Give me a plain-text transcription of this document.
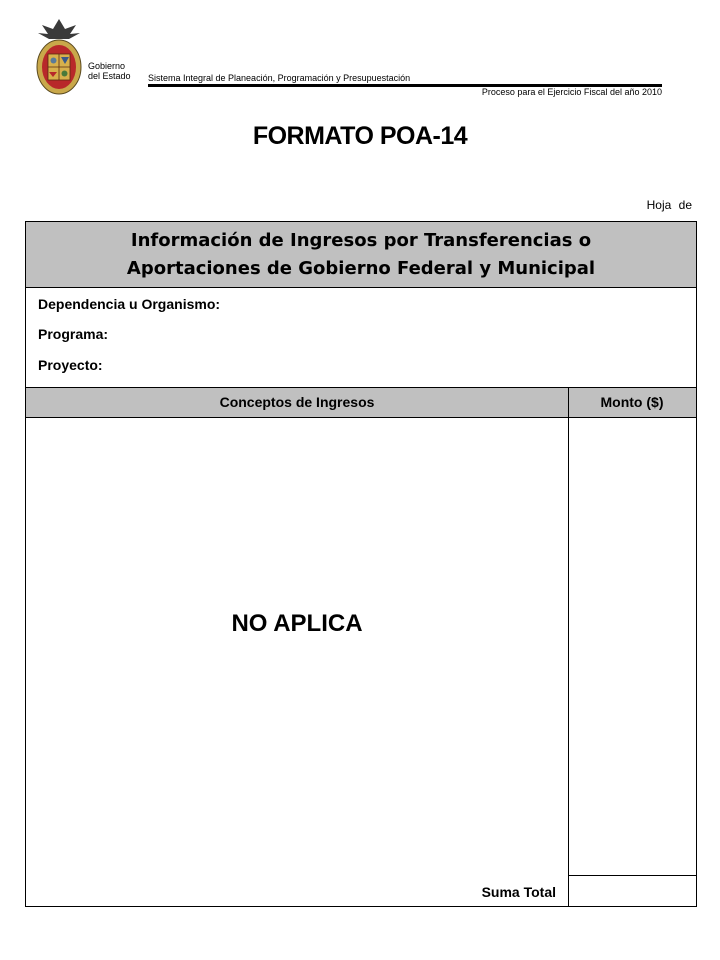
Gobierno
del Estado Sistema Integral de Planeación, Programación y Presupuestación
Proceso para el Ejercicio Fiscal del año 2010
FORMATO POA-14
Hoja de
Información de Ingresos por Transferencias o
Aportaciones de Gobierno Federal y Municipal
Dependencia u Organismo:
Programa:
Proyecto:
Conceptos de Ingresos	Monto ($)
NO APLICA
Suma Total
